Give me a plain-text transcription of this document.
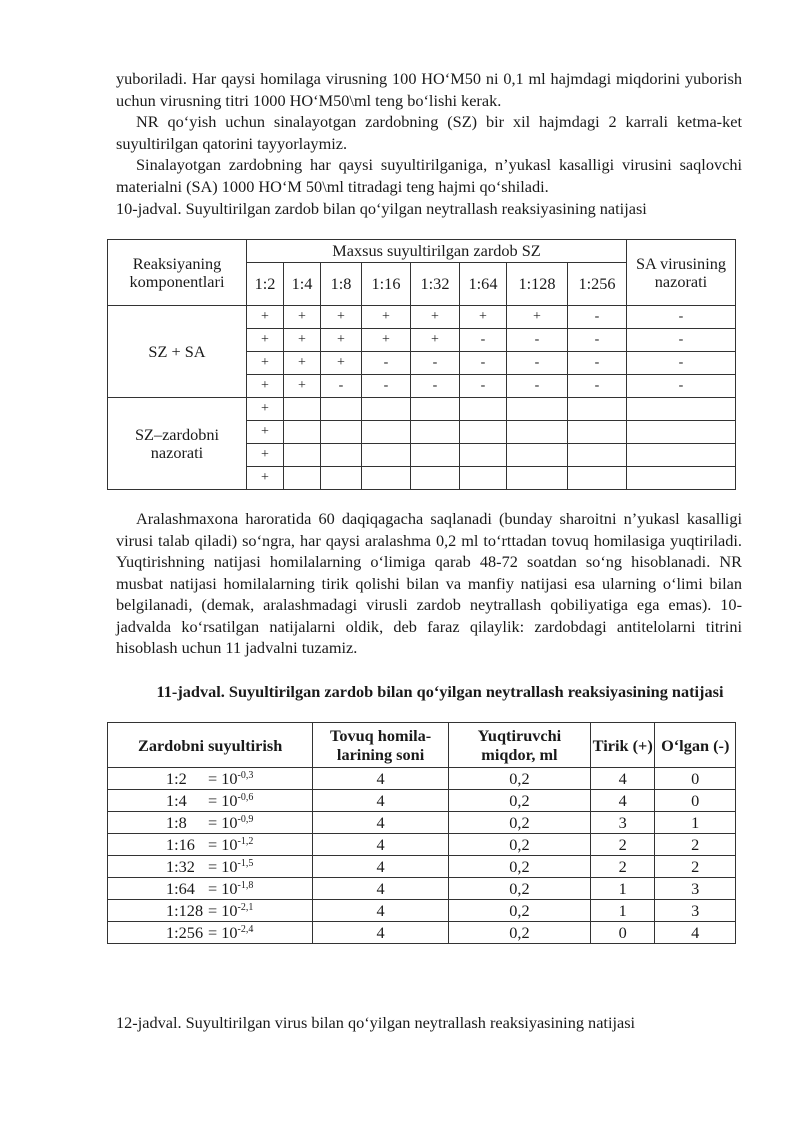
yuboriladi. Har qaysi homilaga virusning 100 HO‘M50 ni 0,1 ml hajmdagi miqdorini yuborish uchun virusning titri 1000 HO‘M50\ml teng bo‘lishi kerak.

NR qo‘yish uchun sinalayotgan zardobning (SZ) bir xil hajmdagi 2 karrali ketma-ket suyultirilgan qatorini tayyorlaymiz.

Sinalayotgan zardobning har qaysi suyultirilganiga, n’yukasl kasalligi virusini saqlovchi materialni (SA) 1000 HO‘M 50\ml titradagi teng hajmi qo‘shiladi.

10-jadval. Suyultirilgan zardob bilan qo‘yilgan neytrallash reaksiyasining natijasi

Reaksiyaning komponentlari	Maxsus suyultirilgan zardob SZ								SA virusining nazorati
	1:2	1:4	1:8	1:16	1:32	1:64	1:128	1:256	
SZ + SA	+	+	+	+	+	+	+	-	-
	+	+	+	+	+	-	-	-	-
	+	+	+	-	-	-	-	-	-
	+	+	-	-	-	-	-	-	-
SZ–zardobni nazorati	+								
	+								
	+								
	+								

Aralashmaxona haroratida 60 daqiqagacha saqlanadi (bunday sharoitni n’yukasl kasalligi virusi talab qiladi) so‘ngra, har qaysi aralashma 0,2 ml to‘rttadan tovuq homilasiga yuqtiriladi. Yuqtirishning natijasi homilalarning o‘limiga qarab 48-72 soatdan so‘ng hisoblanadi. NR musbat natijasi homilalarning tirik qolishi bilan va manfiy natijasi esa ularning o‘limi bilan belgilanadi, (demak, aralashmadagi virusli zardob neytrallash qobiliyatiga ega emas). 10-jadvalda ko‘rsatilgan natijalarni oldik, deb faraz qilaylik: zardobdagi antitelolarni titrini hisoblash uchun 11 jadvalni tuzamiz.

11-jadval. Suyultirilgan zardob bilan qo‘yilgan neytrallash reaksiyasining natijasi

Zardobni suyultirish	Tovuq homila-larining soni	Yuqtiruvchi miqdor, ml	Tirik (+)	O‘lgan (-)
1:2 = $10^{-0,3}$	4	0,2	4	0
1:4 = $10^{-0,6}$	4	0,2	4	0
1:8 = $10^{-0,9}$	4	0,2	3	1
1:16 = $10^{-1,2}$	4	0,2	2	2
1:32 = $10^{-1,5}$	4	0,2	2	2
1:64 = $10^{-1,8}$	4	0,2	1	3
1:128 = $10^{-2,1}$	4	0,2	1	3
1:256 = $10^{-2,4}$	4	0,2	0	4

12-jadval. Suyultirilgan virus bilan qo‘yilgan neytrallash reaksiyasining natijasi
